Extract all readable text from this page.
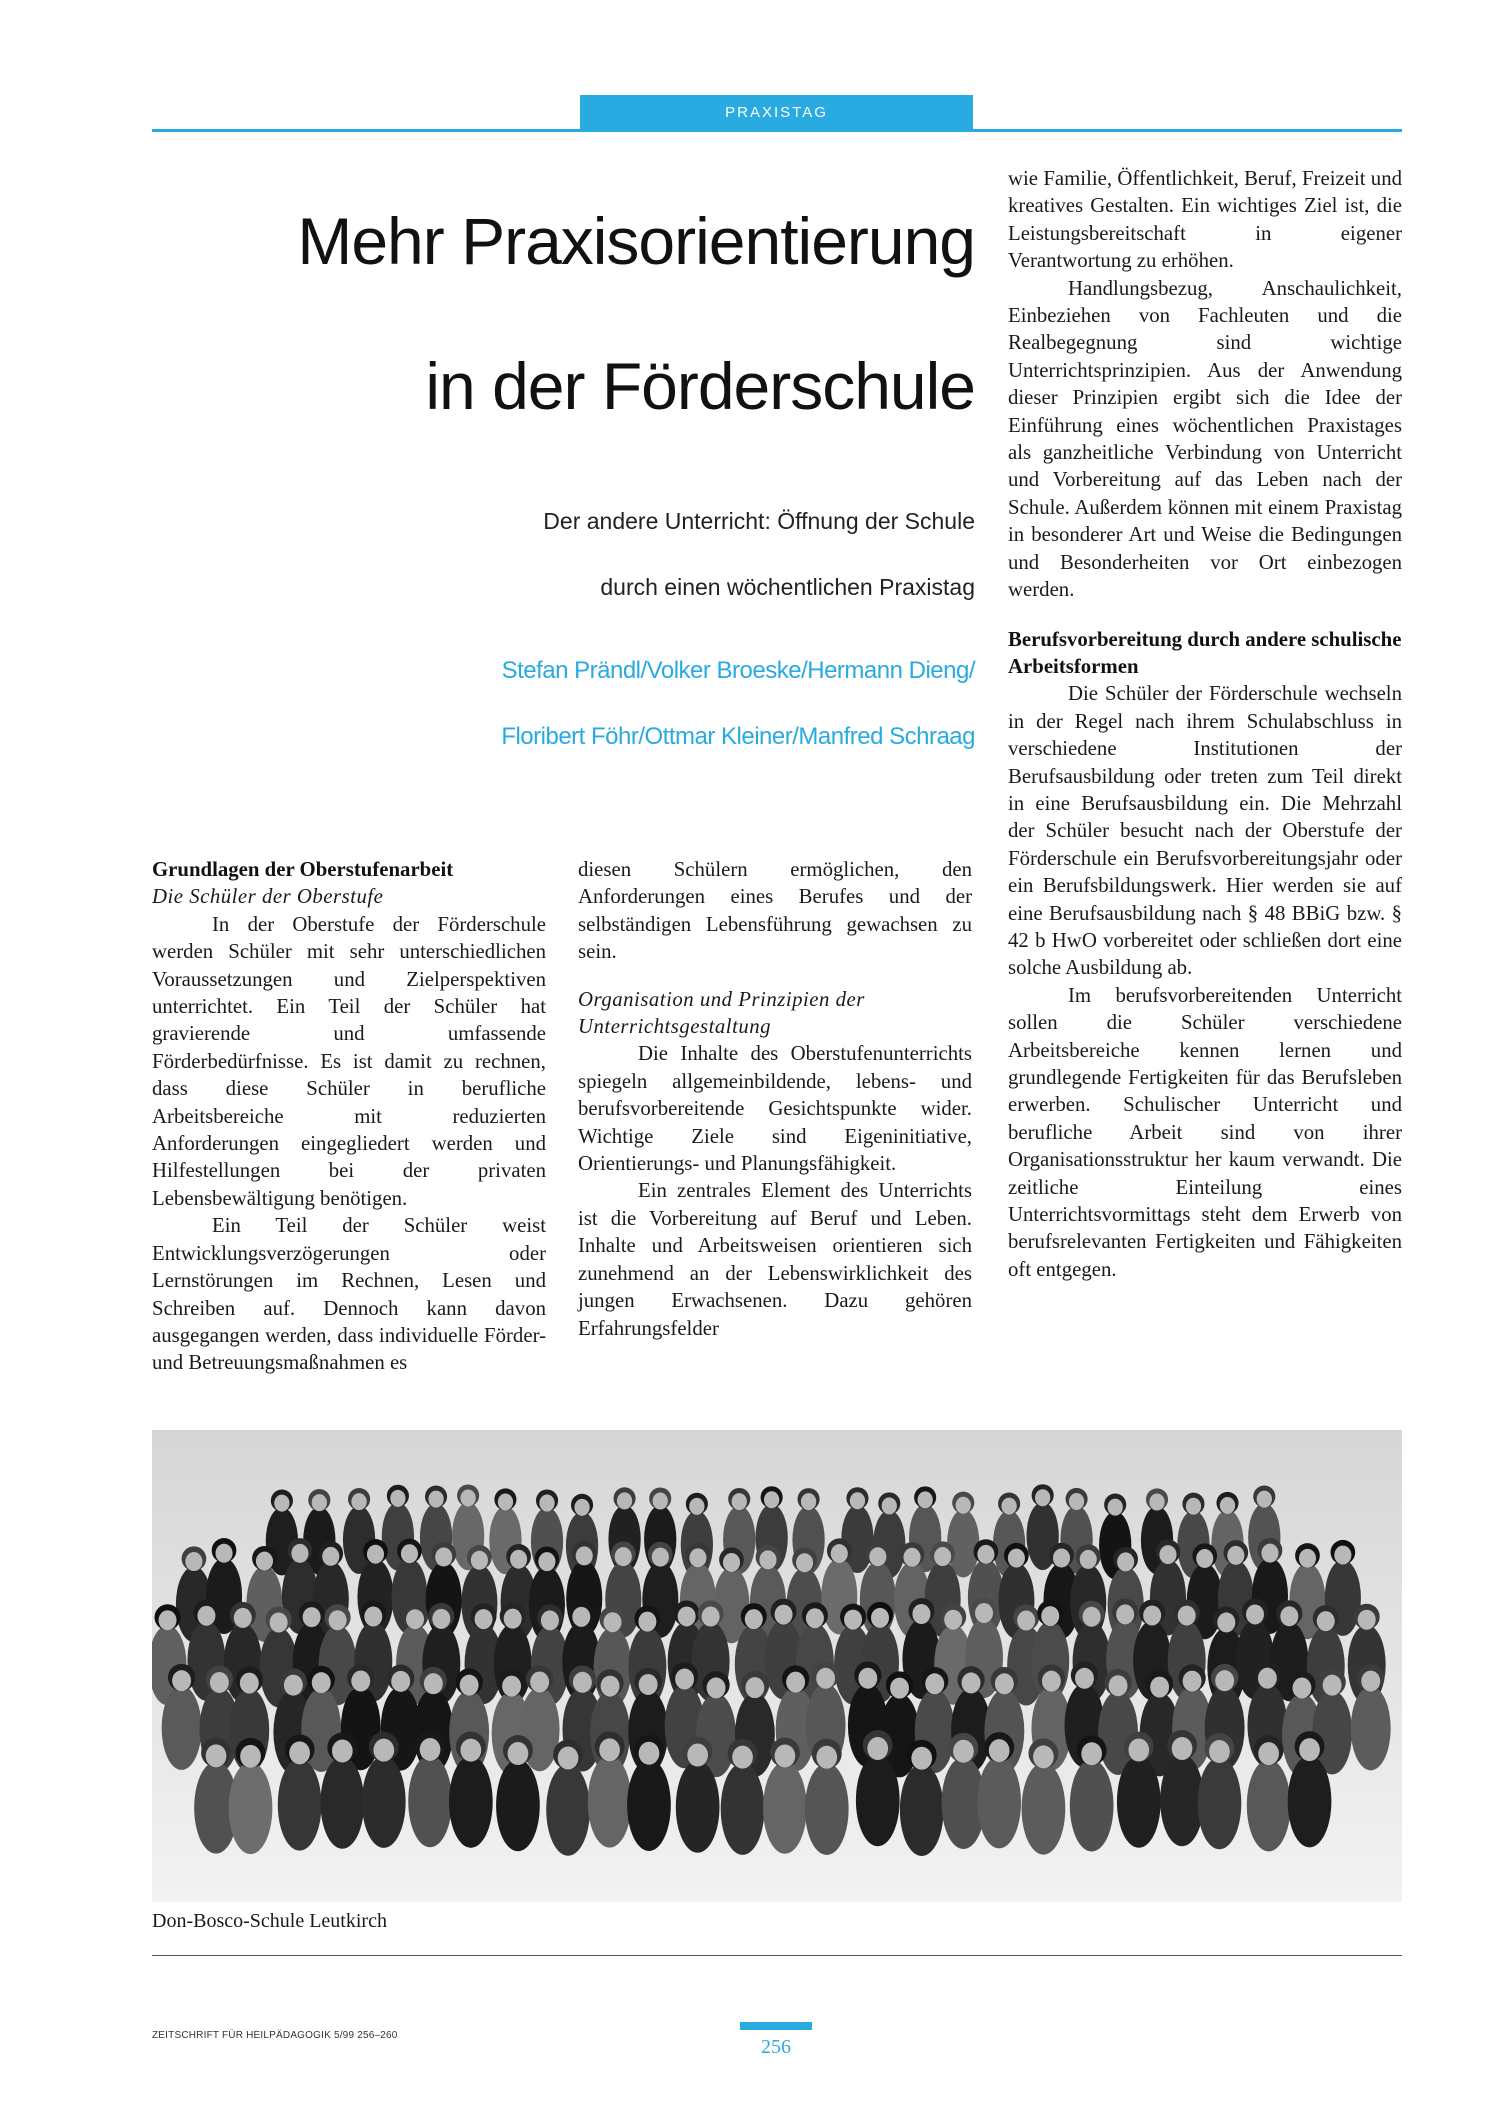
PRAXISTAG
Mehr Praxisorientierung
in der Förderschule
Der andere Unterricht: Öffnung der Schule
durch einen wöchentlichen Praxistag
Stefan Prändl/Volker Broeske/Hermann Dieng/
Floribert Föhr/Ottmar Kleiner/Manfred Schraag
Grundlagen der Oberstufenarbeit
Die Schüler der Oberstufe

In der Oberstufe der Förderschule werden Schüler mit sehr unterschiedlichen Voraussetzungen und Zielperspektiven unterrichtet. Ein Teil der Schüler hat gravierende und umfassende Förderbedürfnisse. Es ist damit zu rechnen, dass diese Schüler in berufliche Arbeitsbereiche mit reduzierten Anforderungen eingegliedert werden und Hilfestellungen bei der privaten Lebensbewältigung benötigen.

Ein Teil der Schüler weist Entwicklungsverzögerungen oder Lernstörungen im Rechnen, Lesen und Schreiben auf. Dennoch kann davon ausgegangen werden, dass individuelle Förder- und Betreuungsmaßnahmen es

diesen Schülern ermöglichen, den Anforderungen eines Berufes und der selbständigen Lebensführung gewachsen zu sein.

Organisation und Prinzipien der Unterrichtsgestaltung

Die Inhalte des Oberstufenunterrichts spiegeln allgemeinbildende, lebens- und berufsvorbereitende Gesichtspunkte wider. Wichtige Ziele sind Eigeninitiative, Orientierungs- und Planungsfähigkeit.

Ein zentrales Element des Unterrichts ist die Vorbereitung auf Beruf und Leben. Inhalte und Arbeitsweisen orientieren sich zunehmend an der Lebenswirklichkeit des jungen Erwachsenen. Dazu gehören Erfahrungsfelder

wie Familie, Öffentlichkeit, Beruf, Freizeit und kreatives Gestalten. Ein wichtiges Ziel ist, die Leistungsbereitschaft in eigener Verantwortung zu erhöhen.

Handlungsbezug, Anschaulichkeit, Einbeziehen von Fachleuten und die Realbegegnung sind wichtige Unterrichtsprinzipien. Aus der Anwendung dieser Prinzipien ergibt sich die Idee der Einführung eines wöchentlichen Praxistages als ganzheitliche Verbindung von Unterricht und Vorbereitung auf das Leben nach der Schule. Außerdem können mit einem Praxistag in besonderer Art und Weise die Bedingungen und Besonderheiten vor Ort einbezogen werden.

Berufsvorbereitung durch andere schulische Arbeitsformen

Die Schüler der Förderschule wechseln in der Regel nach ihrem Schulabschluss in verschiedene Institutionen der Berufsausbildung oder treten zum Teil direkt in eine Berufsausbildung ein. Die Mehrzahl der Schüler besucht nach der Oberstufe der Förderschule ein Berufsvorbereitungsjahr oder ein Berufsbildungswerk. Hier werden sie auf eine Berufsausbildung nach § 48 BBiG bzw. § 42 b HwO vorbereitet oder schließen dort eine solche Ausbildung ab.

Im berufsvorbereitenden Unterricht sollen die Schüler verschiedene Arbeitsbereiche kennen lernen und grundlegende Fertigkeiten für das Berufsleben erwerben. Schulischer Unterricht und berufliche Arbeit sind von ihrer Organisationsstruktur her kaum verwandt. Die zeitliche Einteilung eines Unterrichtsvormittags steht dem Erwerb von berufsrelevanten Fertigkeiten und Fähigkeiten oft entgegen.

Don-Bosco-Schule Leutkirch
ZEITSCHRIFT FÜR HEILPÄDAGOGIK 5/99 256–260
256
